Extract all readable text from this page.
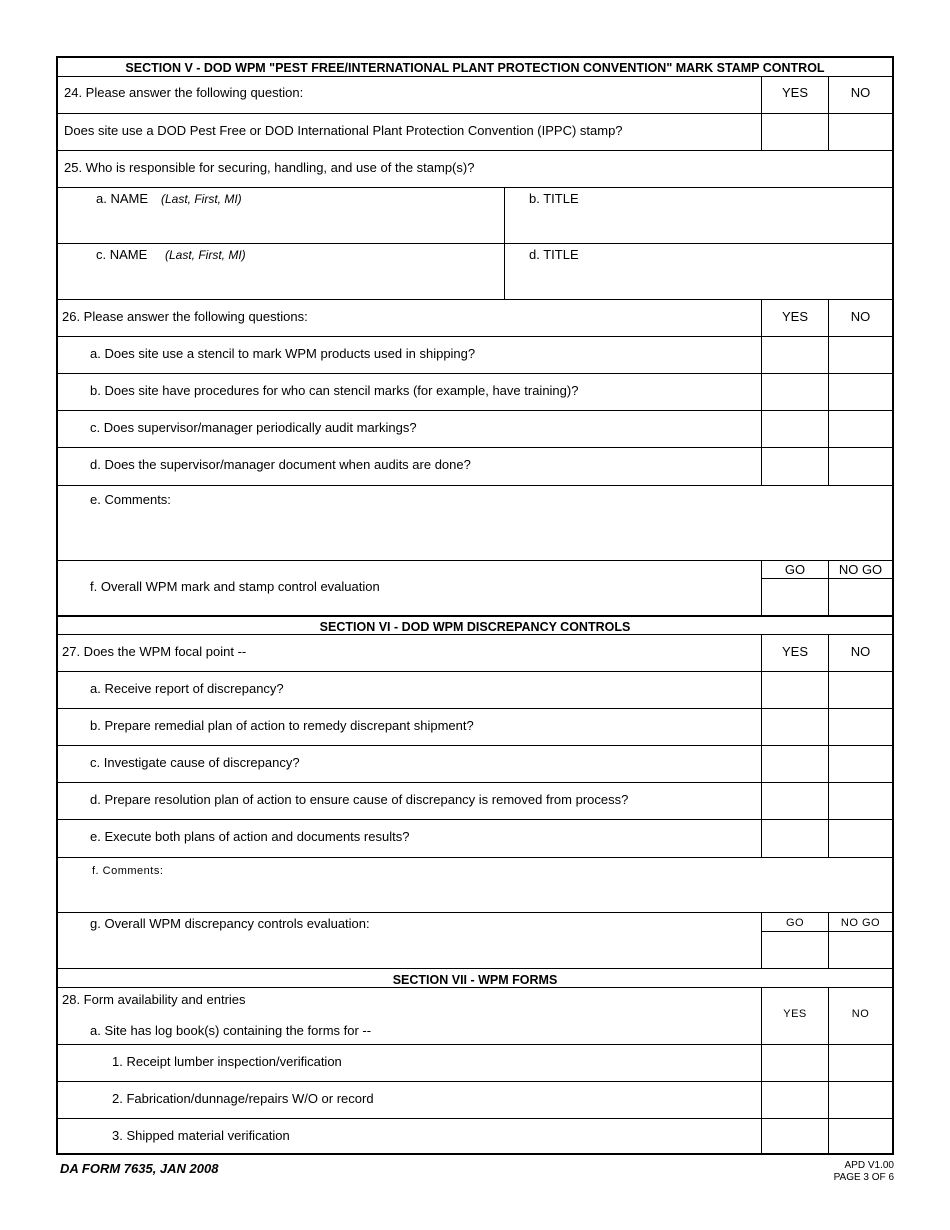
SECTION V - DOD WPM "PEST FREE/INTERNATIONAL PLANT PROTECTION CONVENTION" MARK STAMP CONTROL
24. Please answer the following question:	YES	NO
Does site use a DOD Pest Free or DOD International Plant Protection Convention (IPPC) stamp?
25. Who is responsible for securing, handling, and use of the stamp(s)?
a. NAME (Last, First, MI)	b. TITLE
c. NAME (Last, First, MI)	d. TITLE
26. Please answer the following questions:	YES	NO
a. Does site use a stencil to mark WPM products used in shipping?
b. Does site have procedures for who can stencil marks (for example, have training)?
c. Does supervisor/manager periodically audit markings?
d. Does the supervisor/manager document when audits are done?
e. Comments:
f. Overall WPM mark and stamp control evaluation
GO	NO GO
SECTION VI - DOD WPM DISCREPANCY CONTROLS
27. Does the WPM focal point --	YES	NO
a. Receive report of discrepancy?
b. Prepare remedial plan of action to remedy discrepant shipment?
c. Investigate cause of discrepancy?
d. Prepare resolution plan of action to ensure cause of discrepancy is removed from process?
e. Execute both plans of action and documents results?
f. Comments:
g. Overall WPM discrepancy controls evaluation:	GO	NO GO
SECTION VII - WPM FORMS
28. Form availability and entries
a. Site has log book(s) containing the forms for --
YES	NO
1. Receipt lumber inspection/verification
2. Fabrication/dunnage/repairs W/O or record
3. Shipped material verification
DA FORM 7635, JAN 2008	APD V1.00
PAGE 3 OF 6
